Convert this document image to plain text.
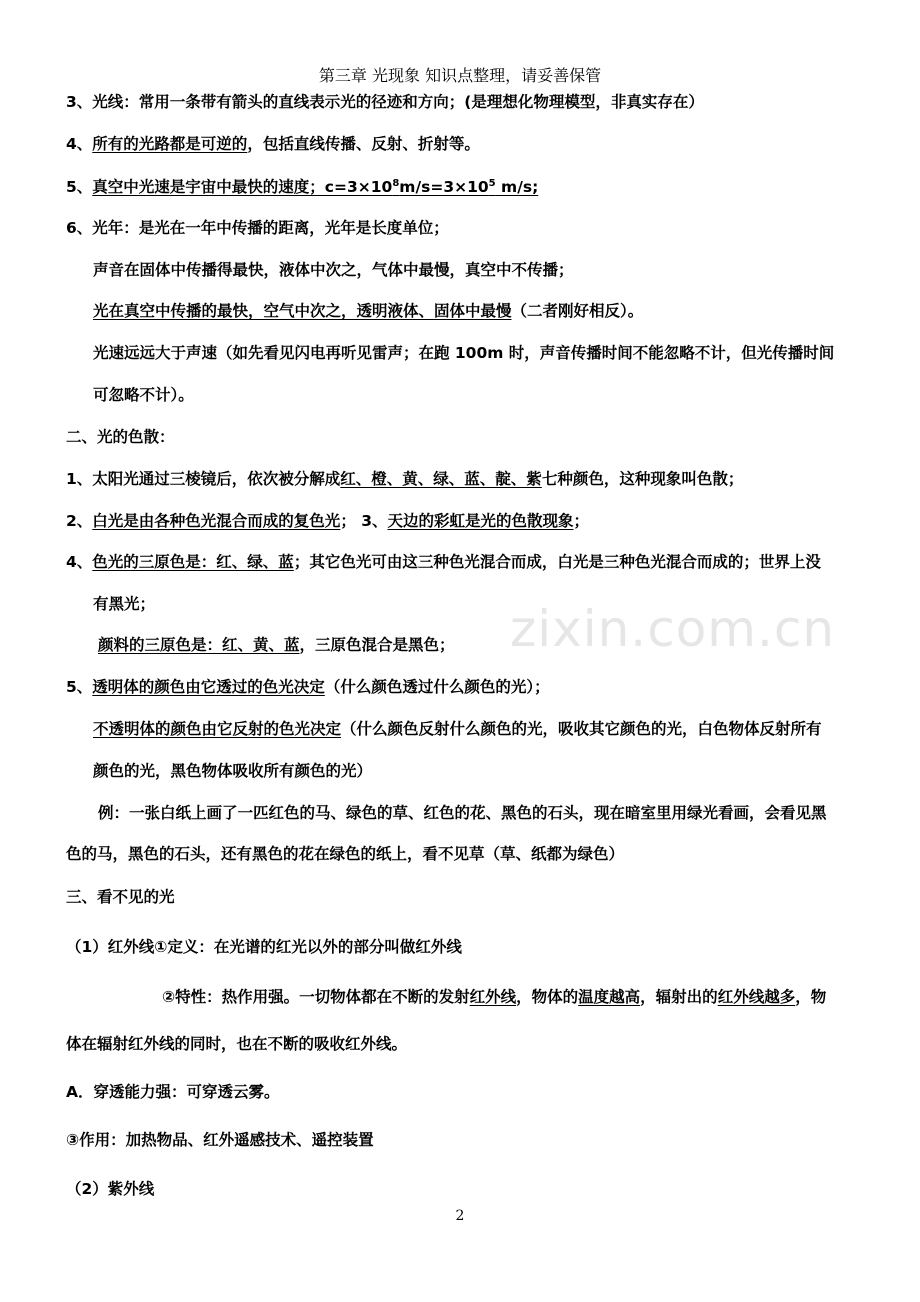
第三章 光现象 知识点整理，请妥善保管
zixin.com.cn
3、光线：常用一条带有箭头的直线表示光的径迹和方向；(是理想化物理模型，非真实存在）
4、所有的光路都是可逆的，包括直线传播、反射、折射等。
5、真空中光速是宇宙中最快的速度；$c=3\times 10^8m/s=3\times 10^5$ m/s;
6、光年：是光在一年中传播的距离，光年是长度单位；
声音在固体中传播得最快，液体中次之，气体中最慢，真空中不传播；
光在真空中传播的最快，空气中次之，透明液体、固体中最慢（二者刚好相反）。
光速远远大于声速（如先看见闪电再听见雷声；在跑 100m 时，声音传播时间不能忽略不计，但光传播时间
可忽略不计）。
二、光的色散：
1、太阳光通过三棱镜后，依次被分解成红、橙、黄、绿、蓝、靛、紫七种颜色，这种现象叫色散；
2、白光是由各种色光混合而成的复色光； 3、天边的彩虹是光的色散现象；
4、色光的三原色是：红、绿、蓝；其它色光可由这三种色光混合而成，白光是三种色光混合而成的；世界上没
有黑光；
颜料的三原色是：红、黄、蓝，三原色混合是黑色；
5、透明体的颜色由它透过的色光决定（什么颜色透过什么颜色的光）；
不透明体的颜色由它反射的色光决定（什么颜色反射什么颜色的光，吸收其它颜色的光，白色物体反射所有
颜色的光，黑色物体吸收所有颜色的光）
例：一张白纸上画了一匹红色的马、绿色的草、红色的花、黑色的石头，现在暗室里用绿光看画，会看见黑
色的马，黑色的石头，还有黑色的花在绿色的纸上，看不见草（草、纸都为绿色）
三、看不见的光
（1）红外线①定义：在光谱的红光以外的部分叫做红外线
②特性：热作用强。一切物体都在不断的发射红外线，物体的温度越高，辐射出的红外线越多，物
体在辐射红外线的同时，也在不断的吸收红外线。
A．穿透能力强：可穿透云雾。
③作用：加热物品、红外遥感技术、遥控装置
（2）紫外线
2
